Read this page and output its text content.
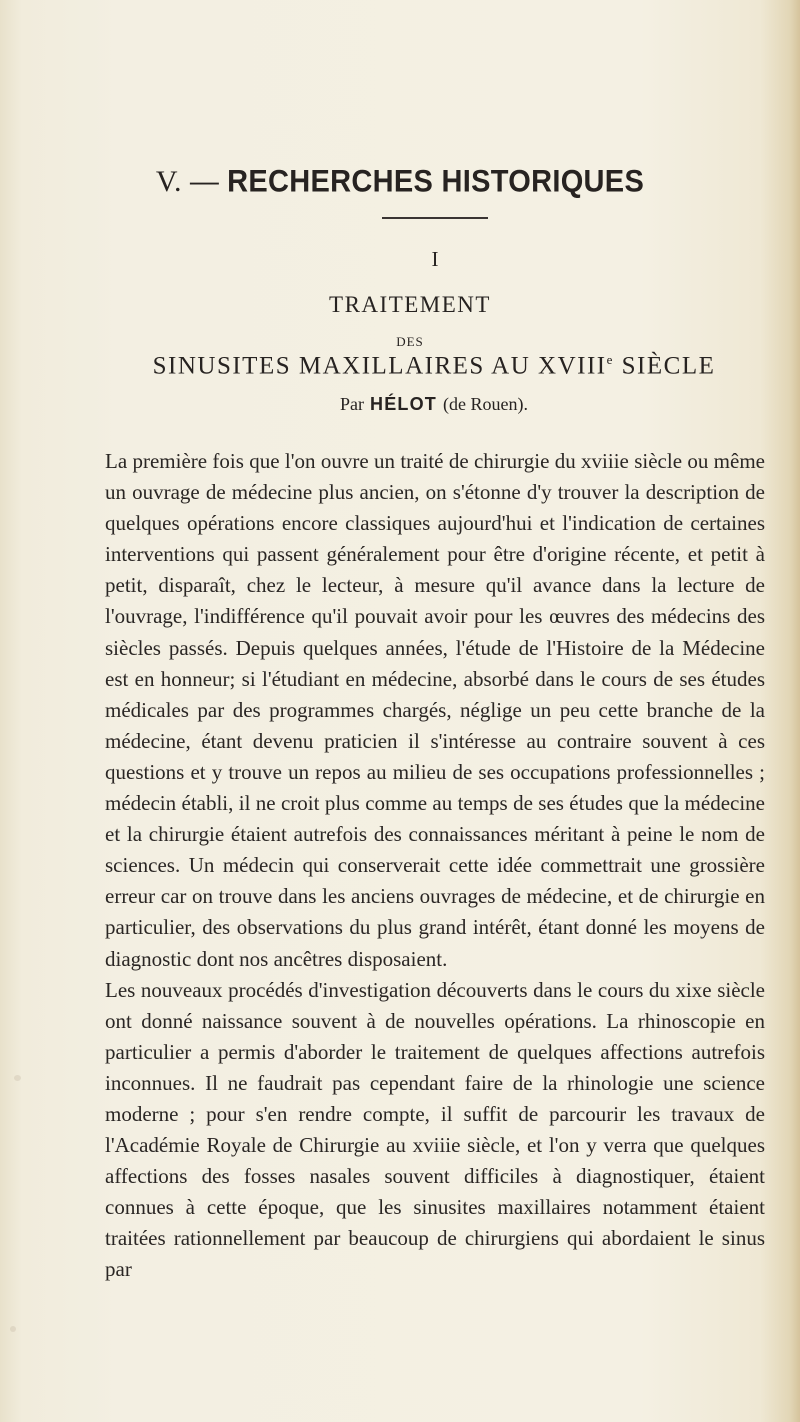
V. — RECHERCHES HISTORIQUES
I
TRAITEMENT
DES
SINUSITES MAXILLAIRES AU XVIIIe SIÈCLE
Par HÉLOT (de Rouen).

La première fois que l'on ouvre un traité de chirurgie du xviiie siècle ou même un ouvrage de médecine plus ancien, on s'étonne d'y trouver la description de quelques opérations encore classiques aujourd'hui et l'indication de certaines interventions qui passent généralement pour être d'origine récente, et petit à petit, disparaît, chez le lecteur, à mesure qu'il avance dans la lecture de l'ouvrage, l'indifférence qu'il pouvait avoir pour les œuvres des médecins des siècles passés. Depuis quelques années, l'étude de l'Histoire de la Médecine est en honneur; si l'étudiant en médecine, absorbé dans le cours de ses études médicales par des programmes chargés, néglige un peu cette branche de la médecine, étant devenu praticien il s'intéresse au contraire souvent à ces questions et y trouve un repos au milieu de ses occupations professionnelles ; médecin établi, il ne croit plus comme au temps de ses études que la médecine et la chirurgie étaient autrefois des connaissances méritant à peine le nom de sciences. Un médecin qui conserverait cette idée commettrait une grossière erreur car on trouve dans les anciens ouvrages de médecine, et de chirurgie en particulier, des observations du plus grand intérêt, étant donné les moyens de diagnostic dont nos ancêtres disposaient.

Les nouveaux procédés d'investigation découverts dans le cours du xixe siècle ont donné naissance souvent à de nouvelles opérations. La rhinoscopie en particulier a permis d'aborder le traitement de quelques affections autrefois inconnues. Il ne faudrait pas cependant faire de la rhinologie une science moderne ; pour s'en rendre compte, il suffit de parcourir les travaux de l'Académie Royale de Chirurgie au xviiie siècle, et l'on y verra que quelques affections des fosses nasales souvent difficiles à diagnostiquer, étaient connues à cette époque, que les sinusites maxillaires notamment étaient traitées rationnellement par beaucoup de chirurgiens qui abordaient le sinus par
